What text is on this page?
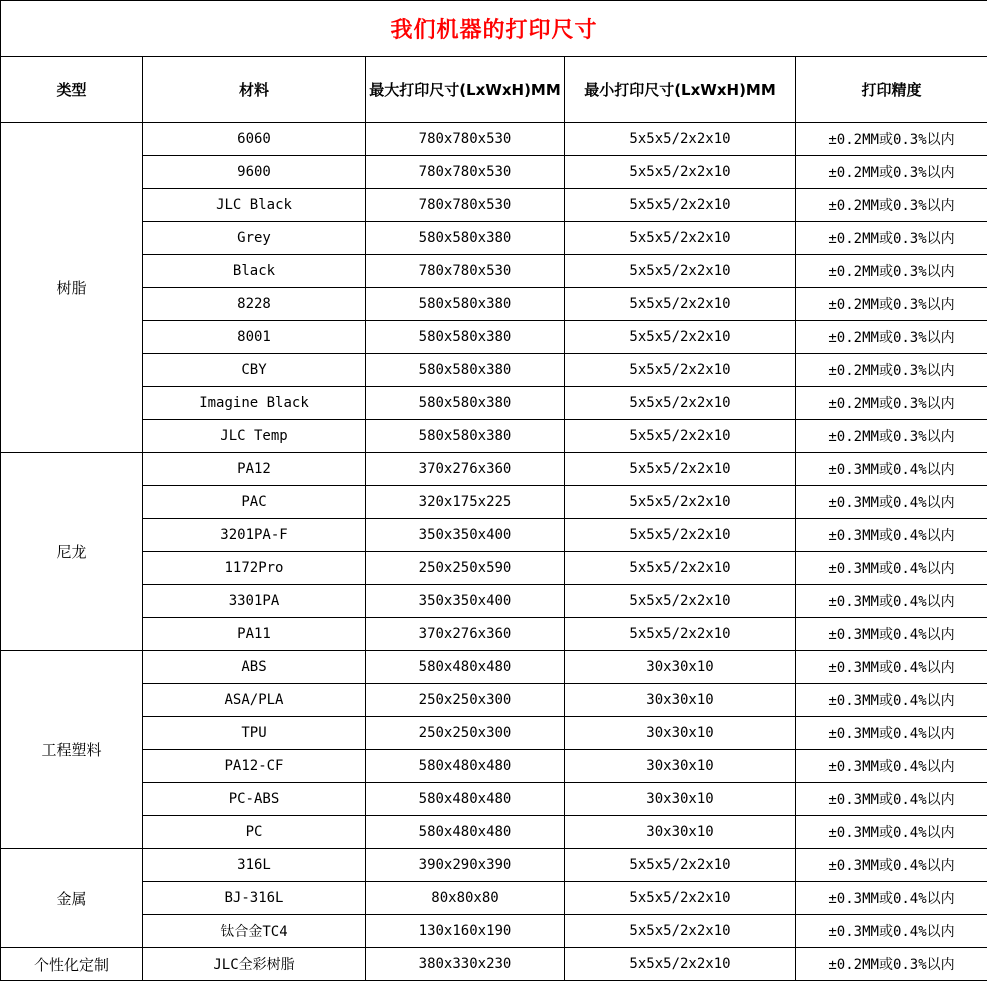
我们机器的打印尺寸				
类型	材料	最大打印尺寸(LxWxH)MM	最小打印尺寸(LxWxH)MM	打印精度
树脂	6060	780x780x530	5x5x5/2x2x10	±0.2MM或0.3%以内
	9600	780x780x530	5x5x5/2x2x10	±0.2MM或0.3%以内
	JLC Black	780x780x530	5x5x5/2x2x10	±0.2MM或0.3%以内
	Grey	580x580x380	5x5x5/2x2x10	±0.2MM或0.3%以内
	Black	780x780x530	5x5x5/2x2x10	±0.2MM或0.3%以内
	8228	580x580x380	5x5x5/2x2x10	±0.2MM或0.3%以内
	8001	580x580x380	5x5x5/2x2x10	±0.2MM或0.3%以内
	CBY	580x580x380	5x5x5/2x2x10	±0.2MM或0.3%以内
	Imagine Black	580x580x380	5x5x5/2x2x10	±0.2MM或0.3%以内
	JLC Temp	580x580x380	5x5x5/2x2x10	±0.2MM或0.3%以内
尼龙	PA12	370x276x360	5x5x5/2x2x10	±0.3MM或0.4%以内
	PAC	320x175x225	5x5x5/2x2x10	±0.3MM或0.4%以内
	3201PA-F	350x350x400	5x5x5/2x2x10	±0.3MM或0.4%以内
	1172Pro	250x250x590	5x5x5/2x2x10	±0.3MM或0.4%以内
	3301PA	350x350x400	5x5x5/2x2x10	±0.3MM或0.4%以内
	PA11	370x276x360	5x5x5/2x2x10	±0.3MM或0.4%以内
工程塑料	ABS	580x480x480	30x30x10	±0.3MM或0.4%以内
	ASA/PLA	250x250x300	30x30x10	±0.3MM或0.4%以内
	TPU	250x250x300	30x30x10	±0.3MM或0.4%以内
	PA12-CF	580x480x480	30x30x10	±0.3MM或0.4%以内
	PC-ABS	580x480x480	30x30x10	±0.3MM或0.4%以内
	PC	580x480x480	30x30x10	±0.3MM或0.4%以内
金属	316L	390x290x390	5x5x5/2x2x10	±0.3MM或0.4%以内
	BJ-316L	80x80x80	5x5x5/2x2x10	±0.3MM或0.4%以内
	钛合金TC4	130x160x190	5x5x5/2x2x10	±0.3MM或0.4%以内
个性化定制	JLC全彩树脂	380x330x230	5x5x5/2x2x10	±0.2MM或0.3%以内
